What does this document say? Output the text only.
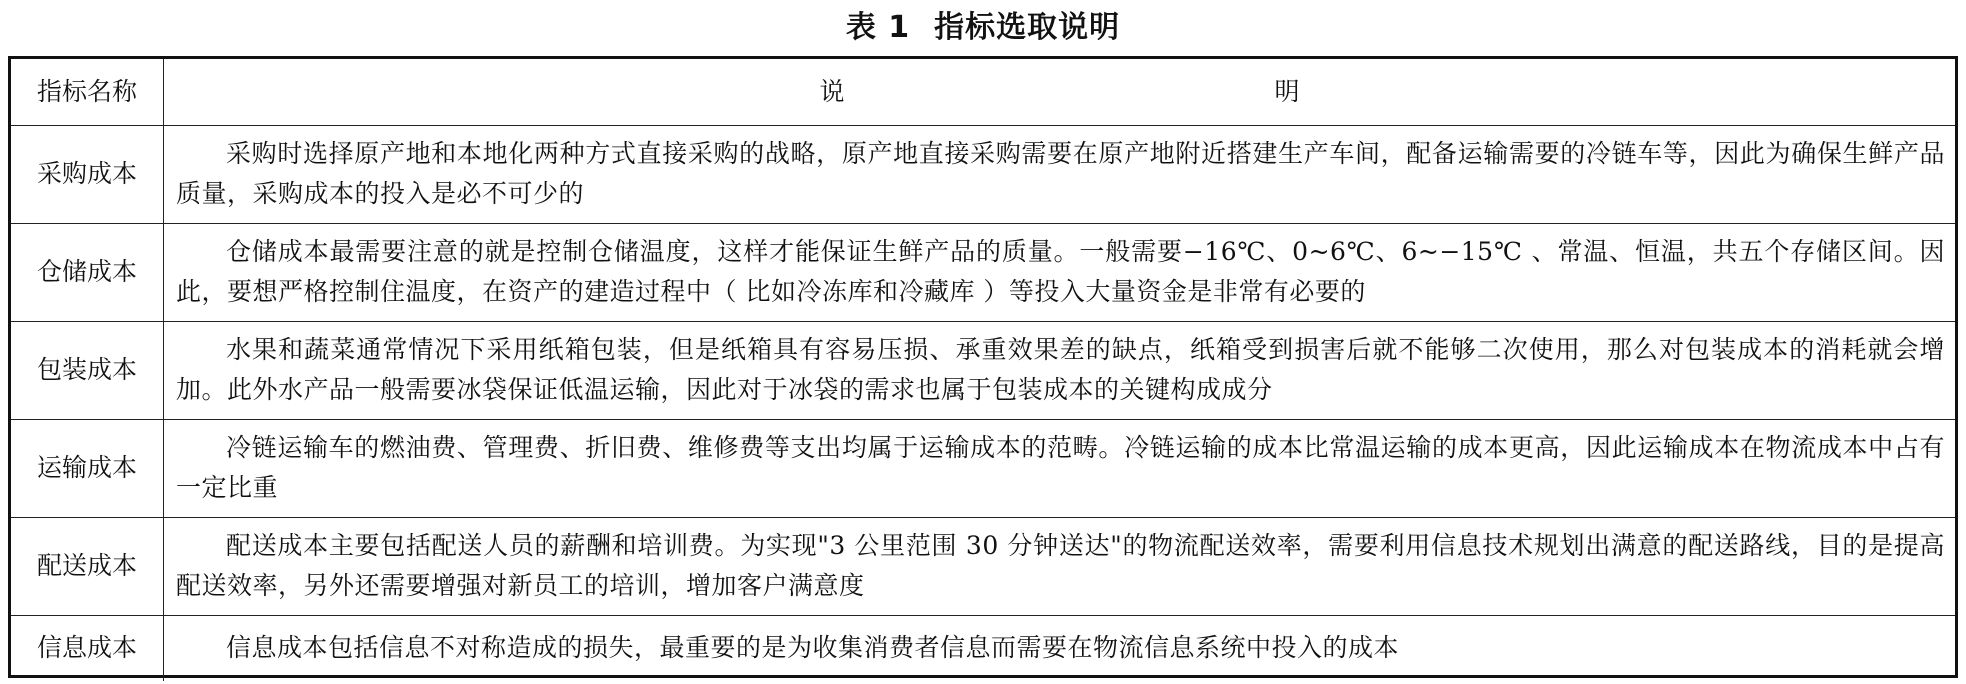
表 1 指标选取说明
指标名称	说 明
采购成本	采购时选择原产地和本地化两种方式直接采购的战略，原产地直接采购需要在原产地附近搭建生产车间，配备运输需要的冷链车等，因此为确保生鲜产品质量，采购成本的投入是必不可少的
仓储成本	仓储成本最需要注意的就是控制仓储温度，这样才能保证生鲜产品的质量。一般需要−16℃、0~6℃、6~−15℃ 、常温、恒温，共五个存储区间。因此，要想严格控制住温度，在资产的建造过程中（ 比如冷冻库和冷藏库 ）等投入大量资金是非常有必要的
包装成本	水果和蔬菜通常情况下采用纸箱包装，但是纸箱具有容易压损、承重效果差的缺点，纸箱受到损害后就不能够二次使用，那么对包装成本的消耗就会增加。此外水产品一般需要冰袋保证低温运输，因此对于冰袋的需求也属于包装成本的关键构成成分
运输成本	冷链运输车的燃油费、管理费、折旧费、维修费等支出均属于运输成本的范畴。冷链运输的成本比常温运输的成本更高，因此运输成本在物流成本中占有一定比重
配送成本	配送成本主要包括配送人员的薪酬和培训费。为实现"3 公里范围 30 分钟送达"的物流配送效率，需要利用信息技术规划出满意的配送路线，目的是提高配送效率，另外还需要增强对新员工的培训，增加客户满意度
信息成本	信息成本包括信息不对称造成的损失，最重要的是为收集消费者信息而需要在物流信息系统中投入的成本
